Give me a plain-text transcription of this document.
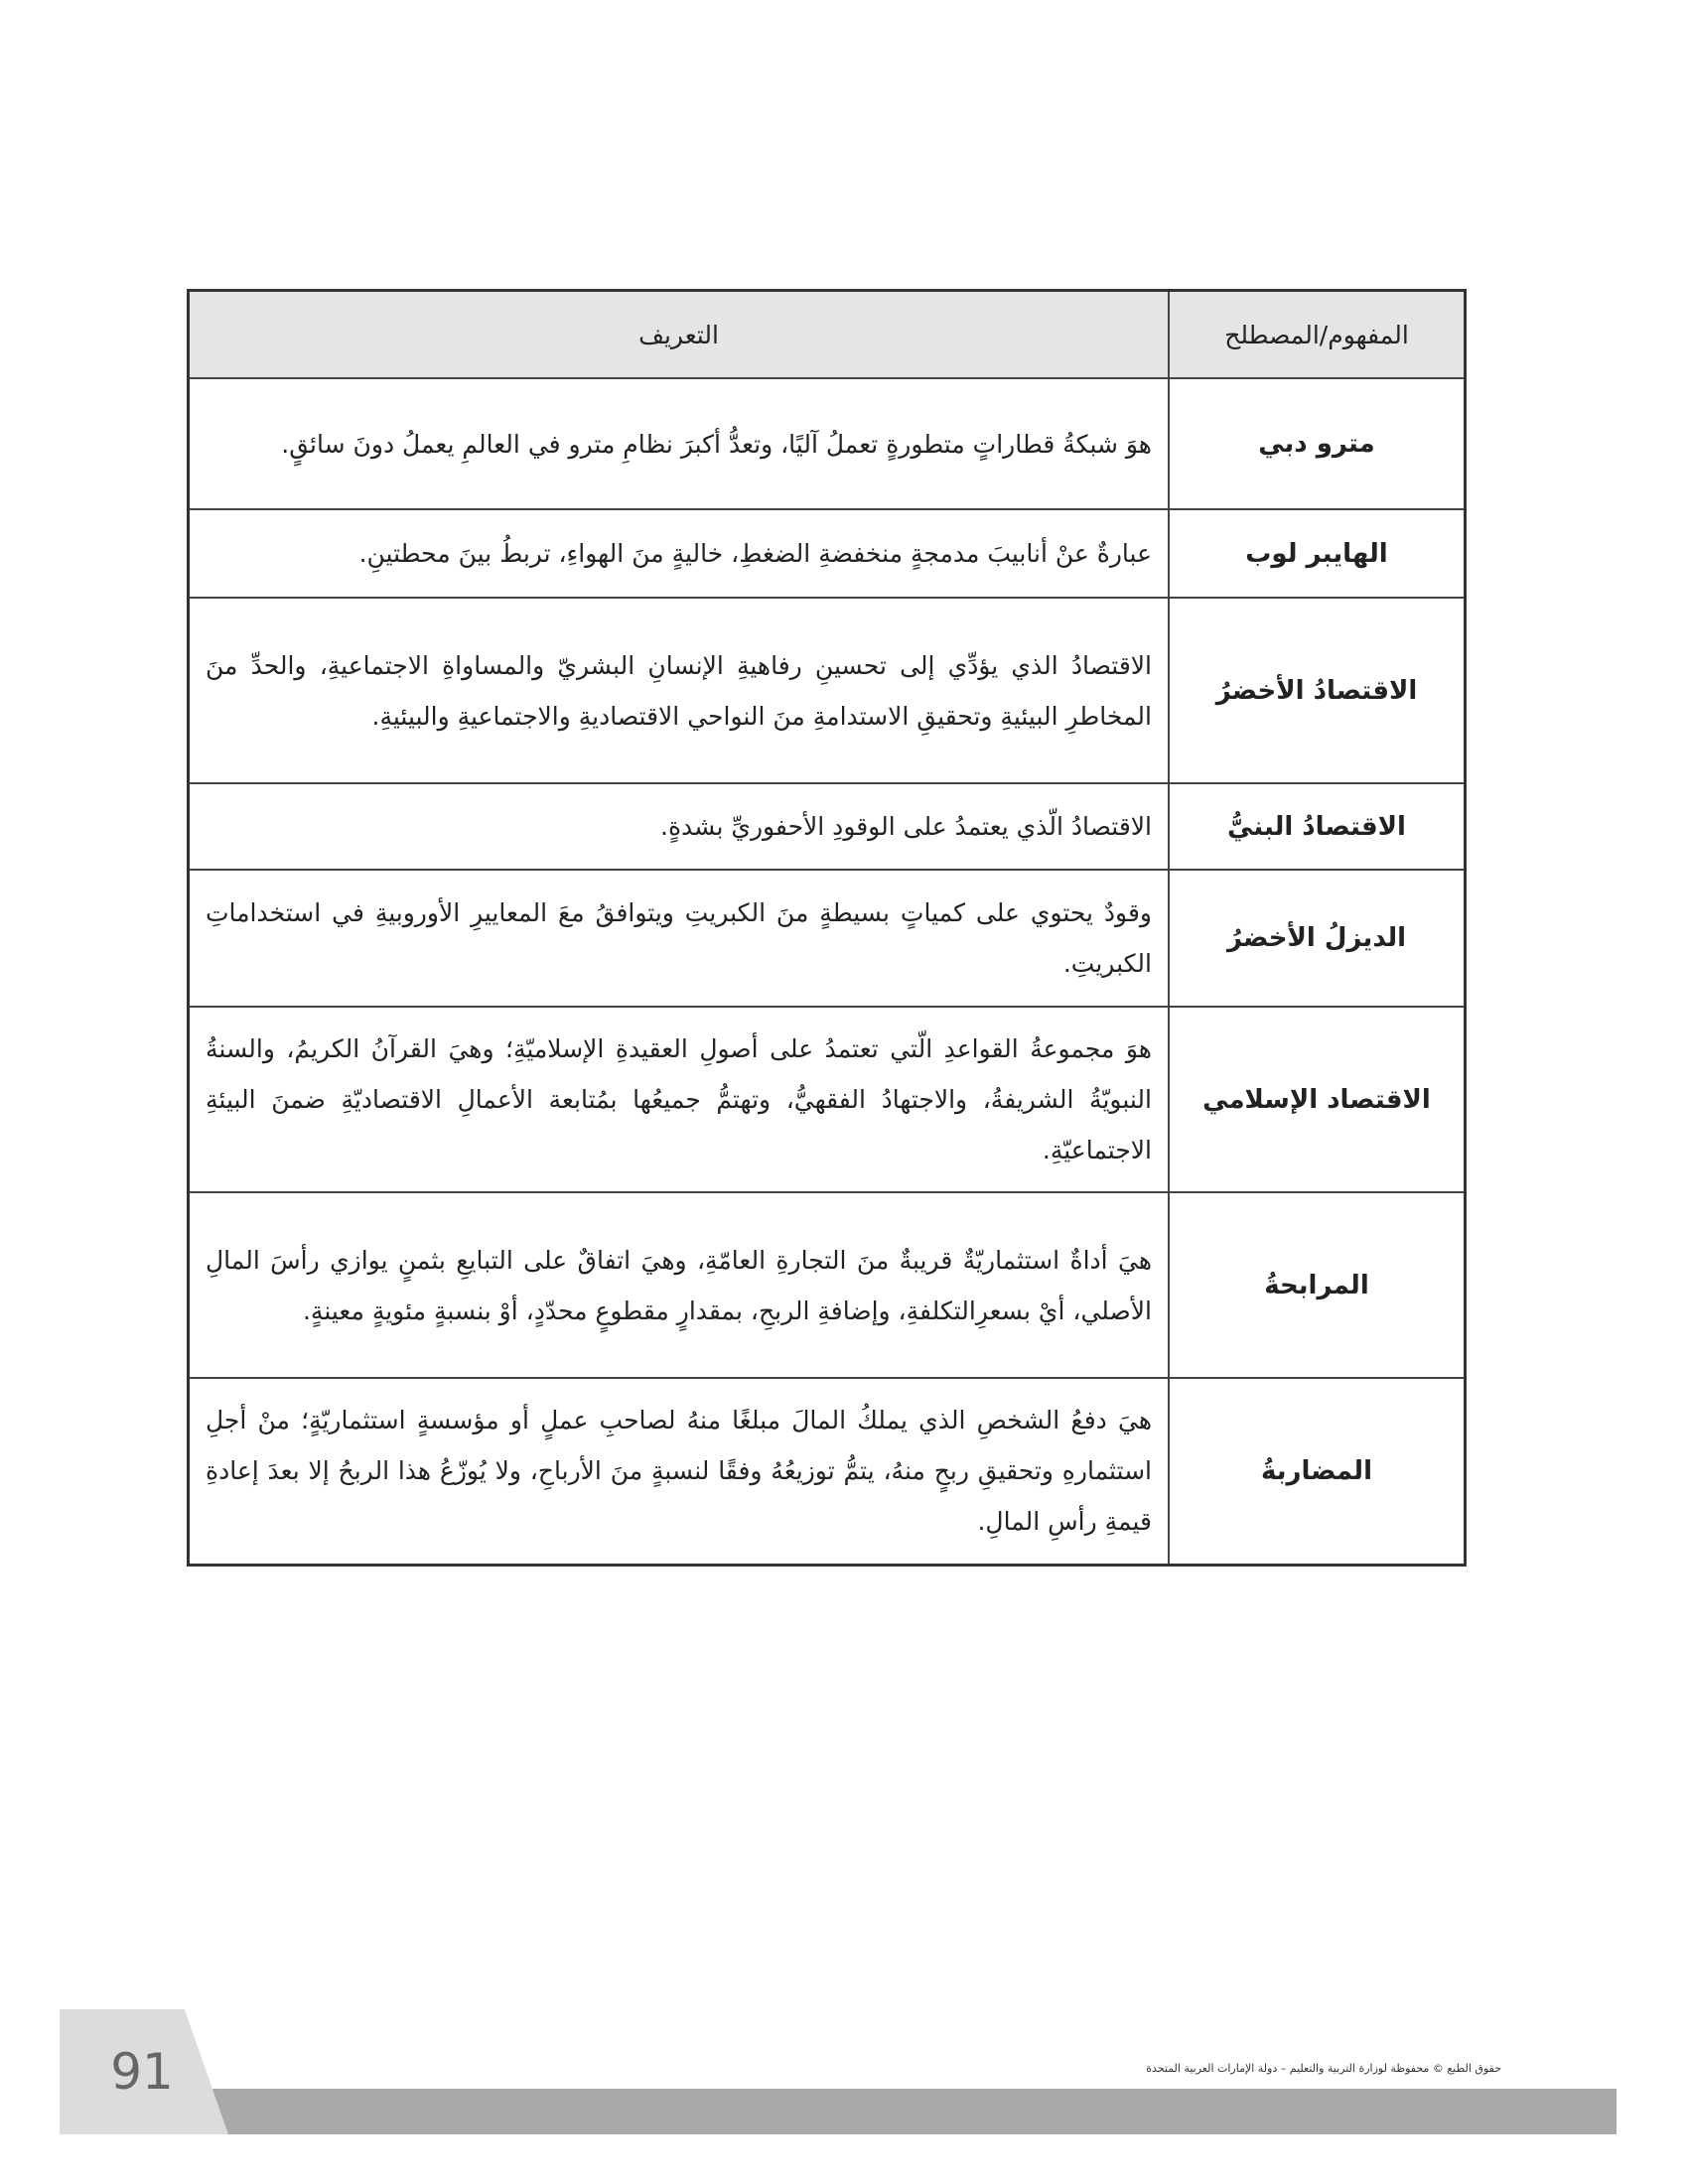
المفهوم/المصطلح	التعريف
مترو دبي	هوَ شبكةُ قطاراتٍ متطورةٍ تعملُ آليًا، وتعدُّ أكبرَ نظامِ مترو في العالمِ يعملُ دونَ سائقٍ.
الهايبر لوب	عبارةٌ عنْ أنابيبَ مدمجةٍ منخفضةِ الضغطِ، خاليةٍ منَ الهواءِ، تربطُ بينَ محطتينِ.
الاقتصادُ الأخضرُ	الاقتصادُ الذي يؤدِّي إلى تحسينِ رفاهيةِ الإنسانِ البشريّ والمساواةِ الاجتماعيةِ، والحدِّ منَ المخاطرِ البيئيةِ وتحقيقِ الاستدامةِ منَ النواحي الاقتصاديةِ والاجتماعيةِ والبيئيةِ.
الاقتصادُ البنيُّ	الاقتصادُ الّذي يعتمدُ على الوقودِ الأحفوريِّ بشدةٍ.
الديزلُ الأخضرُ	وقودٌ يحتوي على كمياتٍ بسيطةٍ منَ الكبريتِ ويتوافقُ معَ المعاييرِ الأوروبيةِ في استخداماتِ الكبريتِ.
الاقتصاد الإسلامي	هوَ مجموعةُ القواعدِ الّتي تعتمدُ على أصولِ العقيدةِ الإسلاميّةِ؛ وهيَ القرآنُ الكريمُ، والسنةُ النبويّةُ الشريفةُ، والاجتهادُ الفقهيُّ، وتهتمُّ جميعُها بمُتابعة الأعمالِ الاقتصاديّةِ ضمنَ البيئةِ الاجتماعيّةِ.
المرابحةُ	هيَ أداةٌ استثماريّةٌ قريبةٌ منَ التجارةِ العامّةِ، وهيَ اتفاقٌ على التبايعِ بثمنٍ يوازي رأسَ المالِ الأصلي، أيْ بسعرِالتكلفةِ، وإضافةِ الربحِ، بمقدارٍ مقطوعٍ محدّدٍ، أوْ بنسبةٍ مئويةٍ معينةٍ.
المضاربةُ	هيَ دفعُ الشخصِ الذي يملكُ المالَ مبلغًا منهُ لصاحبِ عملٍ أو مؤسسةٍ استثماريّةٍ؛ منْ أجلِ استثمارهِ وتحقيقِ ربحٍ منهُ، يتمُّ توزيعُهُ وفقًا لنسبةٍ منَ الأرباحِ، ولا يُوزّعُ هذا الربحُ إلا بعدَ إعادةِ قيمةِ رأسِ المالِ.
91	حقوق الطبع © محفوظة لوزارة التربية والتعليم – دولة الإمارات العربية المتحدة
